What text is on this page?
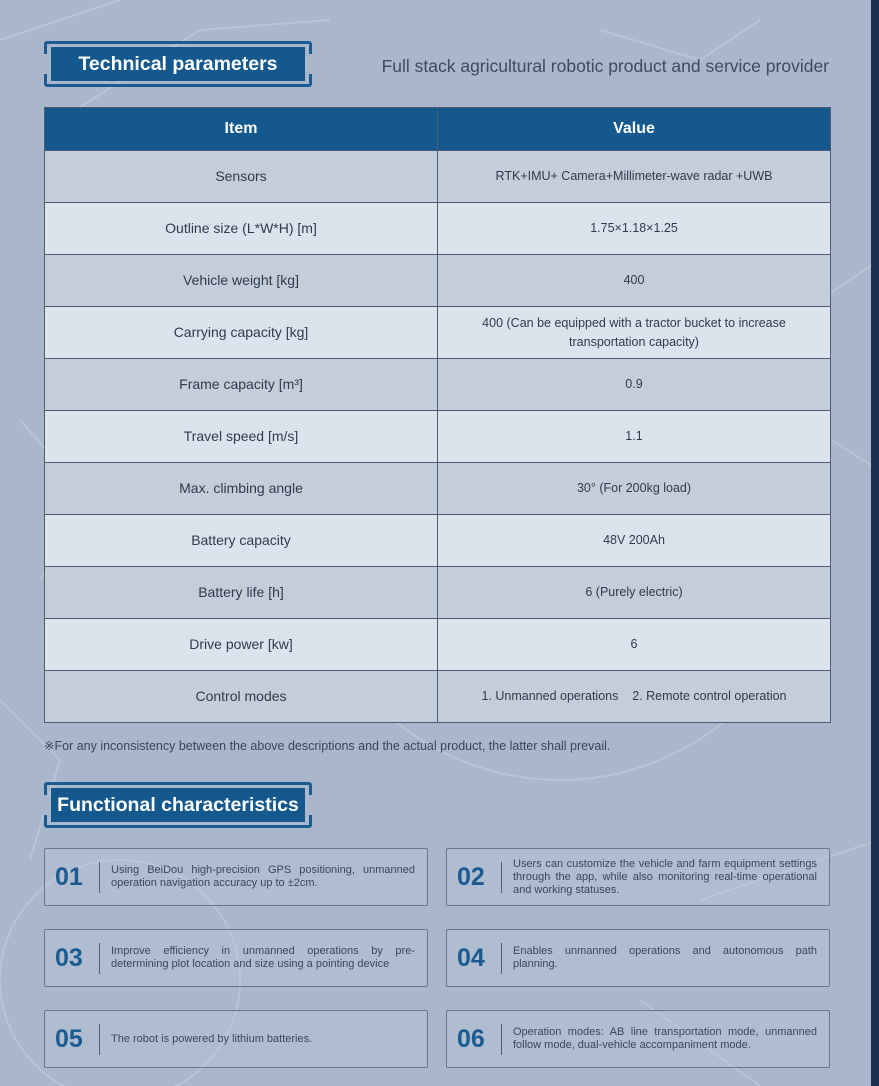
Technical parameters	Full stack agricultural robotic product and service provider
Item	Value
Sensors	RTK+IMU+ Camera+Millimeter-wave radar +UWB
Outline size (L*W*H) [m]	1.75×1.18×1.25
Vehicle weight [kg]	400
Carrying capacity [kg]	400 (Can be equipped with a tractor bucket to increase transportation capacity)
Frame capacity [m³]	0.9
Travel speed [m/s]	1.1
Max. climbing angle	30° (For 200kg load)
Battery capacity	48V 200Ah
Battery life [h]	6 (Purely electric)
Drive power [kw]	6
Control modes	1. Unmanned operations    2. Remote control operation
※For any inconsistency between the above descriptions and the actual product, the latter shall prevail.
Functional characteristics
01	Using BeiDou high-precision GPS positioning, unmanned operation navigation accuracy up to ±2cm.	02	Users can customize the vehicle and farm equipment settings through the app, while also monitoring real-time operational and working statuses.
03	Improve efficiency in unmanned operations by pre-determining plot location and size using a pointing device	04	Enables unmanned operations and autonomous path planning.
05	The robot is powered by lithium batteries.	06	Operation modes: AB line transportation mode, unmanned follow mode, dual-vehicle accompaniment mode.
